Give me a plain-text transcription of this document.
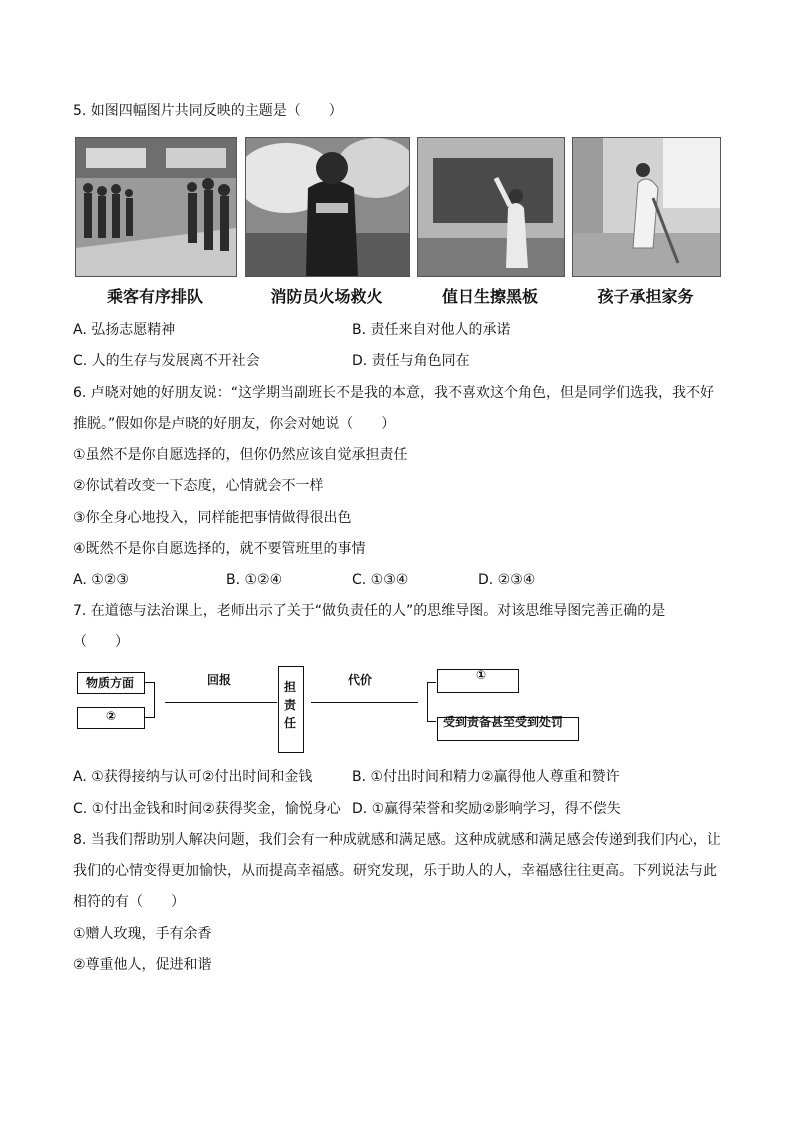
5. 如图四幅图片共同反映的主题是（　　）
乘客有序排队	消防员火场救火	值日生擦黑板	孩子承担家务
A. 弘扬志愿精神	B. 责任来自对他人的承诺
C. 人的生存与发展离不开社会	D. 责任与角色同在
6. 卢晓对她的好朋友说：“这学期当副班长不是我的本意，我不喜欢这个角色，但是同学们选我，我不好
推脱。”假如你是卢晓的好朋友，你会对她说（　　）
①虽然不是你自愿选择的，但你仍然应该自觉承担责任
②你试着改变一下态度，心情就会不一样
③你全身心地投入，同样能把事情做得很出色
④既然不是你自愿选择的，就不要管班里的事情
A. ①②③	B. ①②④	C. ①③④	D. ②③④
7. 在道德与法治课上，老师出示了关于“做负责任的人”的思维导图。对该思维导图完善正确的是
（　　）
物质方面
②
回报	代价
担
责
任
①
受到责备甚至受到处罚
A. ①获得接纳与认可②付出时间和金钱	B. ①付出时间和精力②赢得他人尊重和赞许
C. ①付出金钱和时间②获得奖金，愉悦身心 D. ①赢得荣誉和奖励②影响学习，得不偿失
8. 当我们帮助别人解决问题，我们会有一种成就感和满足感。这种成就感和满足感会传递到我们内心，让
我们的心情变得更加愉快，从而提高幸福感。研究发现，乐于助人的人，幸福感往往更高。下列说法与此
相符的有（　　）
①赠人玫瑰，手有余香
②尊重他人，促进和谐
